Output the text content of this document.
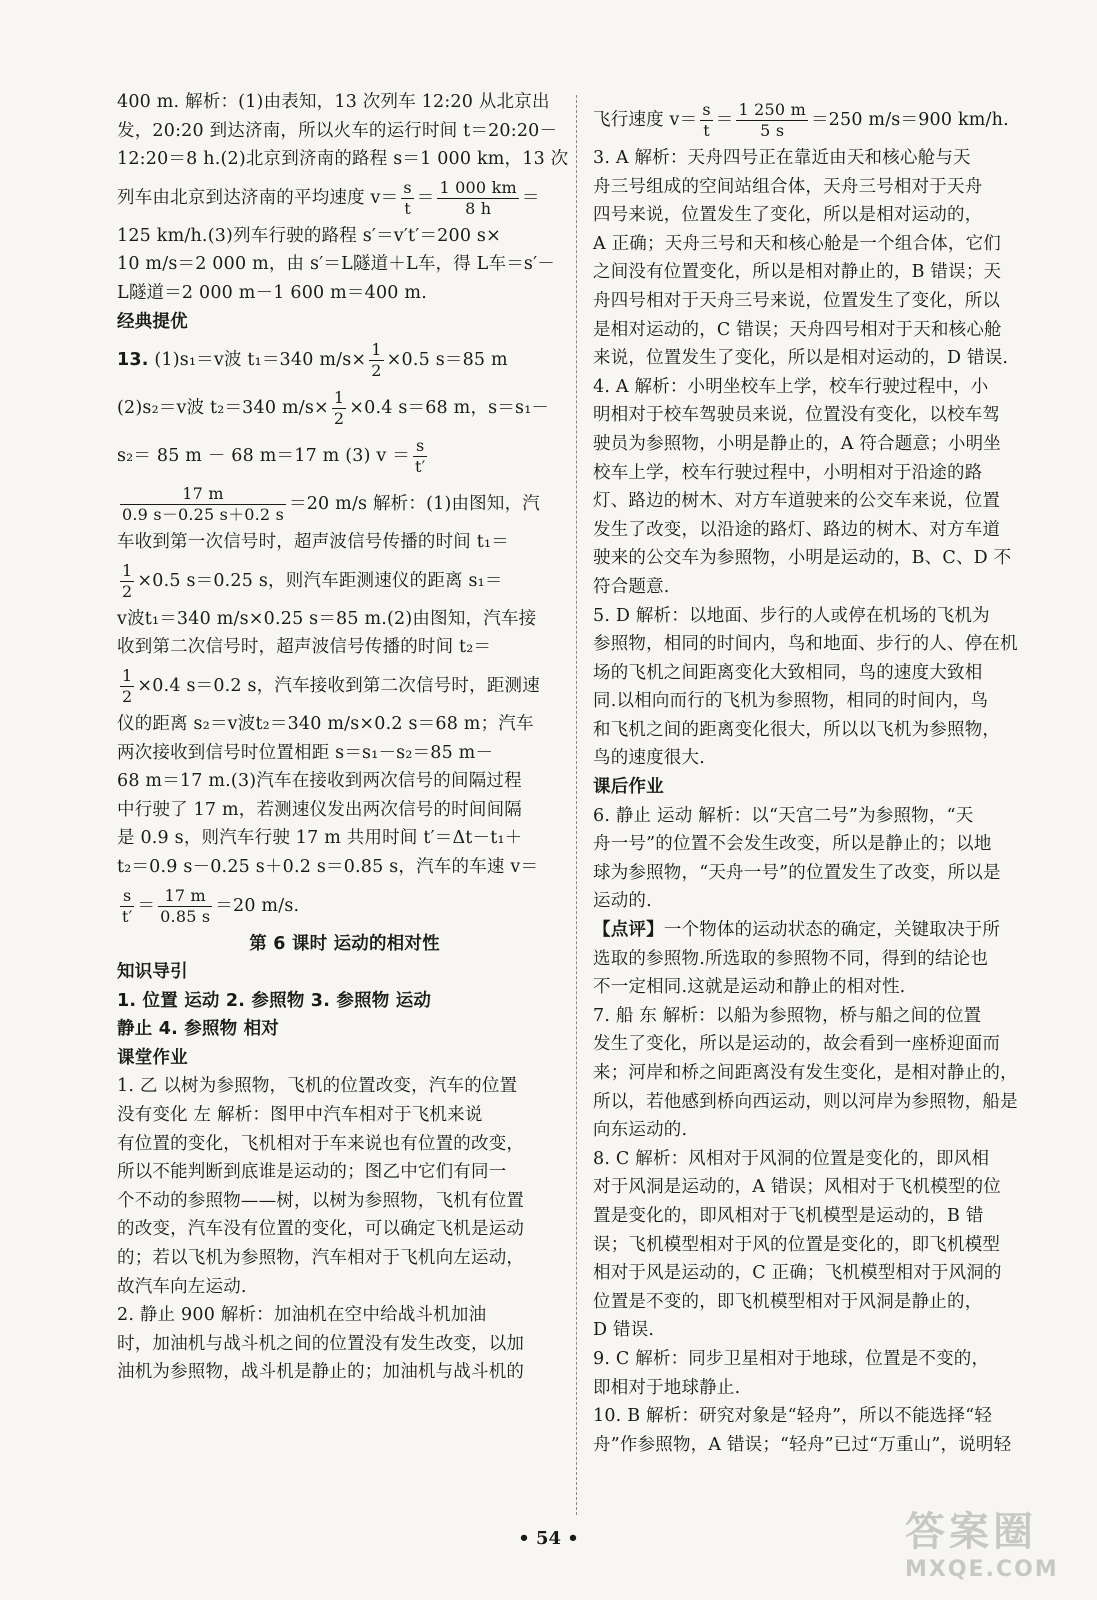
400 m. 解析：(1)由表知，13 次列车 12:20 从北京出
发，20:20 到达济南，所以火车的运行时间 t＝20:20－
12:20＝8 h.(2)北京到济南的路程 s＝1 000 km，13 次
列车由北京到达济南的平均速度 $v= \frac{s}{t} = \frac{1 000 km}{8 h}$ ＝
125 km/h.(3)列车行驶的路程 s′＝v′t′＝200 s×
10 m/s＝2 000 m，由 s′＝L隧道＋L车，得 L车＝s′－
L隧道＝2 000 m－1 600 m＝400 m.
经典提优
13. (1)s₁＝v波 t₁＝340 $m/s\times \frac{1}{2} \times 0.5$ s＝85 m
(2)s₂＝v波 t₂＝340 $m/s\times \frac{1}{2} \times 0.4$ s＝68 m，s＝s₁－
s₂＝ 85 m － 68 m＝17 m (3) $v = \frac{s}{t'}$
$\frac{17 m}{0.9 s-0.25 s+0.2 s} =20$ m/s 解析：(1)由图知，汽
车收到第一次信号时，超声波信号传播的时间 t₁＝
$\frac{1}{2} \times 0.5$ s＝0.25 s，则汽车距测速仪的距离 s₁＝
v波t₁＝340 m/s×0.25 s＝85 m.(2)由图知，汽车接
收到第二次信号时，超声波信号传播的时间 t₂＝
$\frac{1}{2} \times 0.4$ s＝0.2 s，汽车接收到第二次信号时，距测速
仪的距离 s₂＝v波t₂＝340 m/s×0.2 s＝68 m；汽车
两次接收到信号时位置相距 s＝s₁－s₂＝85 m－
68 m＝17 m.(3)汽车在接收到两次信号的间隔过程
中行驶了 17 m，若测速仪发出两次信号的时间间隔
是 0.9 s，则汽车行驶 17 m 共用时间 t′＝Δt－t₁＋
t₂＝0.9 s－0.25 s＋0.2 s＝0.85 s，汽车的车速 v＝
$\frac{s}{t'} = \frac{17 m}{0.85 s} =20$ m/s.
第 6 课时 运动的相对性
知识导引
1. 位置 运动 2. 参照物 3. 参照物 运动
静止 4. 参照物 相对
课堂作业
1. 乙 以树为参照物，飞机的位置改变，汽车的位置
没有变化 左 解析：图甲中汽车相对于飞机来说
有位置的变化，飞机相对于车来说也有位置的改变，
所以不能判断到底谁是运动的；图乙中它们有同一
个不动的参照物——树，以树为参照物，飞机有位置
的改变，汽车没有位置的变化，可以确定飞机是运动
的；若以飞机为参照物，汽车相对于飞机向左运动，
故汽车向左运动.
2. 静止 900 解析：加油机在空中给战斗机加油
时，加油机与战斗机之间的位置没有发生改变，以加
油机为参照物，战斗机是静止的；加油机与战斗机的
飞行速度 $v= \frac{s}{t} = \frac{1 250 m}{5 s} =250$ m/s＝900 km/h.
3. A 解析：天舟四号正在靠近由天和核心舱与天
舟三号组成的空间站组合体，天舟三号相对于天舟
四号来说，位置发生了变化，所以是相对运动的，
A 正确；天舟三号和天和核心舱是一个组合体，它们
之间没有位置变化，所以是相对静止的，B 错误；天
舟四号相对于天舟三号来说，位置发生了变化，所以
是相对运动的，C 错误；天舟四号相对于天和核心舱
来说，位置发生了变化，所以是相对运动的，D 错误.
4. A 解析：小明坐校车上学，校车行驶过程中，小
明相对于校车驾驶员来说，位置没有变化，以校车驾
驶员为参照物，小明是静止的，A 符合题意；小明坐
校车上学，校车行驶过程中，小明相对于沿途的路
灯、路边的树木、对方车道驶来的公交车来说，位置
发生了改变，以沿途的路灯、路边的树木、对方车道
驶来的公交车为参照物，小明是运动的，B、C、D 不
符合题意.
5. D 解析：以地面、步行的人或停在机场的飞机为
参照物，相同的时间内，鸟和地面、步行的人、停在机
场的飞机之间距离变化大致相同，鸟的速度大致相
同.以相向而行的飞机为参照物，相同的时间内，鸟
和飞机之间的距离变化很大，所以以飞机为参照物，
鸟的速度很大.
课后作业
6. 静止 运动 解析：以“天宫二号”为参照物，“天
舟一号”的位置不会发生改变，所以是静止的；以地
球为参照物，“天舟一号”的位置发生了改变，所以是
运动的.
【点评】一个物体的运动状态的确定，关键取决于所
选取的参照物.所选取的参照物不同，得到的结论也
不一定相同.这就是运动和静止的相对性.
7. 船 东 解析：以船为参照物，桥与船之间的位置
发生了变化，所以是运动的，故会看到一座桥迎面而
来；河岸和桥之间距离没有发生变化，是相对静止的，
所以，若他感到桥向西运动，则以河岸为参照物，船是
向东运动的.
8. C 解析：风相对于风洞的位置是变化的，即风相
对于风洞是运动的，A 错误；风相对于飞机模型的位
置是变化的，即风相对于飞机模型是运动的，B 错
误；飞机模型相对于风的位置是变化的，即飞机模型
相对于风是运动的，C 正确；飞机模型相对于风洞的
位置是不变的，即飞机模型相对于风洞是静止的，
D 错误.
9. C 解析：同步卫星相对于地球，位置是不变的，
即相对于地球静止.
10. B 解析：研究对象是“轻舟”，所以不能选择“轻
舟”作参照物，A 错误；“轻舟”已过“万重山”，说明轻
• 54 •	答案圈
MXQE.COM
